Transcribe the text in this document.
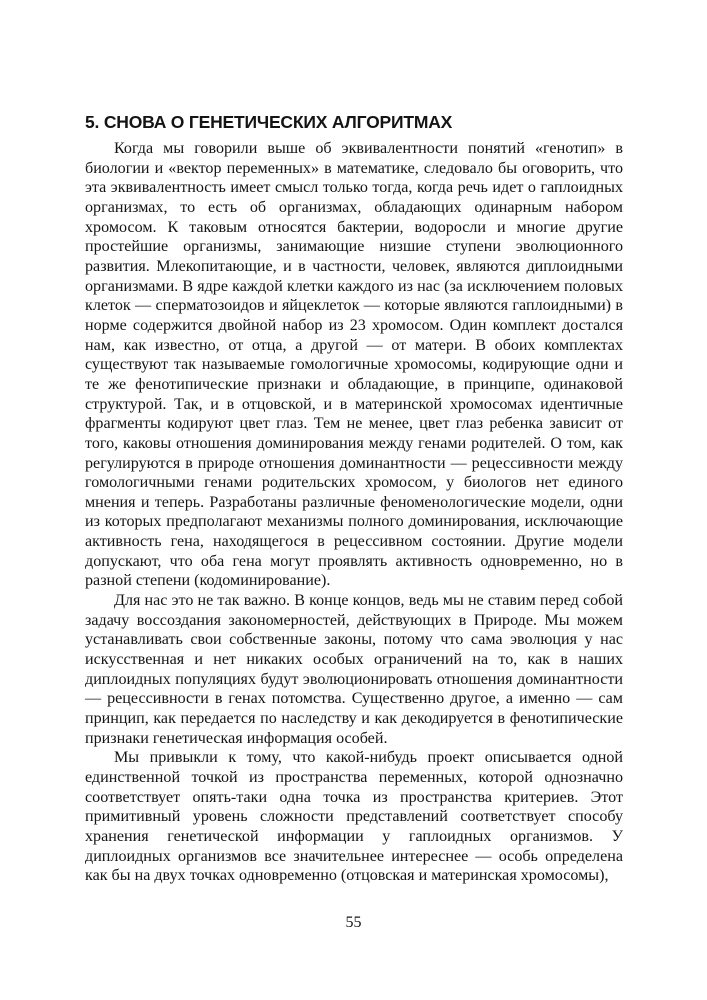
5. СНОВА О ГЕНЕТИЧЕСКИХ АЛГОРИТМАХ

Когда мы говорили выше об эквивалентности понятий «генотип» в биологии и «вектор переменных» в математике, следовало бы оговорить, что эта эквивалентность имеет смысл только тогда, когда речь идет о гаплоидных организмах, то есть об организмах, обладающих одинарным набором хромосом. К таковым относятся бактерии, водоросли и многие другие простейшие организмы, занимающие низшие ступени эволюционного развития. Млекопитающие, и в частности, человек, являются диплоидными организмами. В ядре каждой клетки каждого из нас (за исключением половых клеток — сперматозоидов и яйцеклеток — которые являются гаплоидными) в норме содержится двойной набор из 23 хромосом. Один комплект достался нам, как известно, от отца, а другой — от матери. В обоих комплектах существуют так называемые гомологичные хромосомы, кодирующие одни и те же фенотипические признаки и обладающие, в принципе, одинаковой структурой. Так, и в отцовской, и в материнской хромосомах идентичные фрагменты кодируют цвет глаз. Тем не менее, цвет глаз ребенка зависит от того, каковы отношения доминирования между генами родителей. О том, как регулируются в природе отношения доминантности — рецессивности между гомологичными генами родительских хромосом, у биологов нет единого мнения и теперь. Разработаны различные феноменологические модели, одни из которых предполагают механизмы полного доминирования, исключающие активность гена, находящегося в рецессивном состоянии. Другие модели допускают, что оба гена могут проявлять активность одновременно, но в разной степени (кодоминирование).

Для нас это не так важно. В конце концов, ведь мы не ставим перед собой задачу воссоздания закономерностей, действующих в Природе. Мы можем устанавливать свои собственные законы, потому что сама эволюция у нас искусственная и нет никаких особых ограничений на то, как в наших диплоидных популяциях будут эволюционировать отношения доминантности — рецессивности в генах потомства. Существенно другое, а именно — сам принцип, как передается по наследству и как декодируется в фенотипические признаки генетическая информация особей.

Мы привыкли к тому, что какой-нибудь проект описывается одной единственной точкой из пространства переменных, которой однозначно соответствует опять-таки одна точка из пространства критериев. Этот примитивный уровень сложности представлений соответствует способу хранения генетической информации у гаплоидных организмов. У диплоидных организмов все значительнее интереснее — особь определена как бы на двух точках одновременно (отцовская и материнская хромосомы),

55
